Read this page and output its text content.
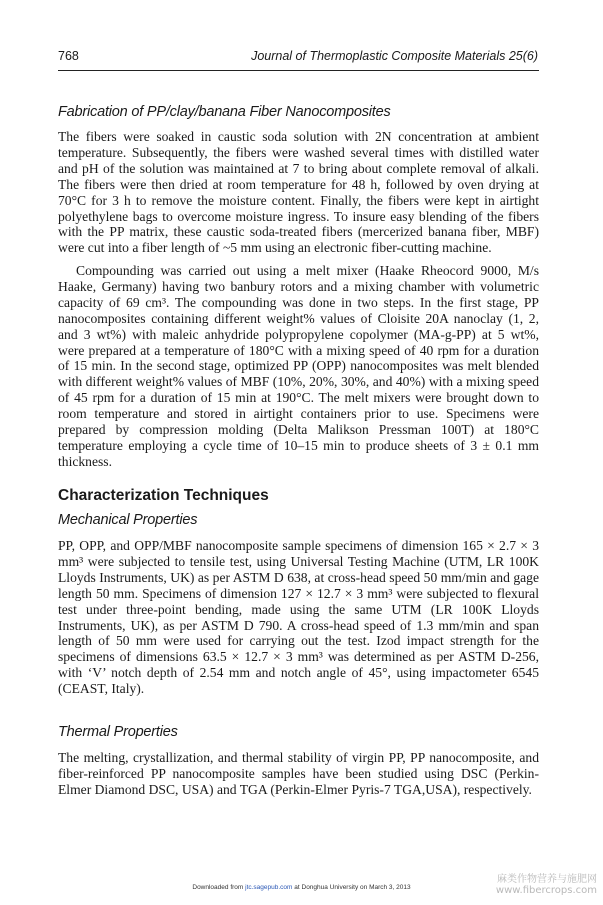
768	Journal of Thermoplastic Composite Materials 25(6)
Fabrication of PP/clay/banana Fiber Nanocomposites

The fibers were soaked in caustic soda solution with 2N concentration at ambient temperature. Subsequently, the fibers were washed several times with distilled water and pH of the solution was maintained at 7 to bring about complete removal of alkali. The fibers were then dried at room temperature for 48 h, followed by oven drying at 70°C for 3 h to remove the moisture content. Finally, the fibers were kept in airtight polyethylene bags to overcome moisture ingress. To insure easy blending of the fibers with the PP matrix, these caustic soda-treated fibers (mercerized banana fiber, MBF) were cut into a fiber length of ~5 mm using an electronic fiber-cutting machine.

Compounding was carried out using a melt mixer (Haake Rheocord 9000, M/s Haake, Germany) having two banbury rotors and a mixing chamber with volumetric capacity of 69 cm³. The compounding was done in two steps. In the first stage, PP nanocomposites containing different weight% values of Cloisite 20A nanoclay (1, 2, and 3 wt%) with maleic anhydride polypropylene copolymer (MA-g-PP) at 5 wt%, were prepared at a temperature of 180°C with a mixing speed of 40 rpm for a duration of 15 min. In the second stage, optimized PP (OPP) nanocomposites was melt blended with different weight% values of MBF (10%, 20%, 30%, and 40%) with a mixing speed of 45 rpm for a duration of 15 min at 190°C. The melt mixers were brought down to room temperature and stored in airtight containers prior to use. Specimens were prepared by compression molding (Delta Malikson Pressman 100T) at 180°C temperature employing a cycle time of 10–15 min to produce sheets of 3 ± 0.1 mm thickness.

Characterization Techniques
Mechanical Properties

PP, OPP, and OPP/MBF nanocomposite sample specimens of dimension 165 × 2.7 × 3 mm³ were subjected to tensile test, using Universal Testing Machine (UTM, LR 100K Lloyds Instruments, UK) as per ASTM D 638, at cross-head speed 50 mm/min and gage length 50 mm. Specimens of dimension 127 × 12.7 × 3 mm³ were subjected to flexural test under three-point bending, made using the same UTM (LR 100K Lloyds Instruments, UK), as per ASTM D 790. A cross-head speed of 1.3 mm/min and span length of 50 mm were used for carrying out the test. Izod impact strength for the specimens of dimensions 63.5 × 12.7 × 3 mm³ was determined as per ASTM D-256, with ‘V’ notch depth of 2.54 mm and notch angle of 45°, using impactometer 6545 (CEAST, Italy).

Thermal Properties

The melting, crystallization, and thermal stability of virgin PP, PP nanocomposite, and fiber-reinforced PP nanocomposite samples have been studied using DSC (Perkin-Elmer Diamond DSC, USA) and TGA (Perkin-Elmer Pyris-7 TGA,USA), respectively.

Downloaded from jtc.sagepub.com at Donghua University on March 3, 2013
麻类作物营养与施肥网
www.fibercrops.com
